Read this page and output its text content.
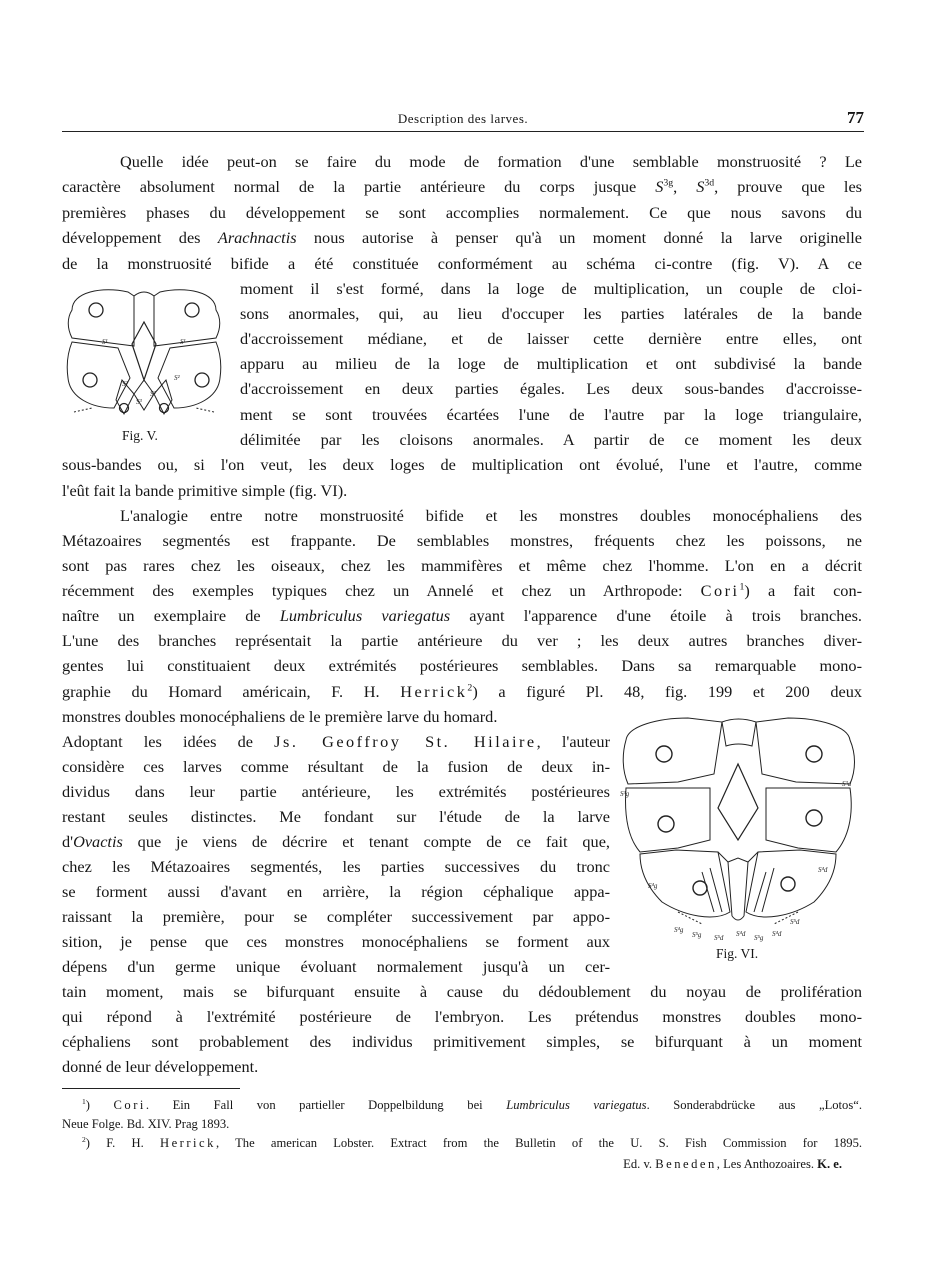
Description des larves.	77
Quelle idée peut-on se faire du mode de formation d'une semblable monstruosité ? Le
caractère absolument normal de la partie antérieure du corps jusque $S^{3g}$, $S^{3d}$, prouve que les
premières phases du développement se sont accomplies normalement. Ce que nous savons du
développement des Arachnactis nous autorise à penser qu'à un moment donné la larve originelle
de la monstruosité bifide a été constituée conformément au schéma ci-contre (fig. V). A ce
moment il s'est formé, dans la loge de multiplication, un couple de cloi-
sons anormales, qui, au lieu d'occuper les parties latérales de la bande
d'accroissement médiane, et de laisser cette dernière entre elles, ont
apparu au milieu de la loge de multiplication et ont subdivisé la bande
d'accroissement en deux parties égales. Les deux sous-bandes d'accroisse-
ment se sont trouvées écartées l'une de l'autre par la loge triangulaire,
délimitée par les cloisons anormales. A partir de ce moment les deux
sous-bandes ou, si l'on veut, les deux loges de multiplication ont évolué, l'une et l'autre, comme
l'eût fait la bande primitive simple (fig. VI).
S¹	S¹
S²
S²
S³
S³
Fig. V.
L'analogie entre notre monstruosité bifide et les monstres doubles monocéphaliens des
Métazoaires segmentés est frappante. De semblables monstres, fréquents chez les poissons, ne
sont pas rares chez les oiseaux, chez les mammifères et même chez l'homme. L'on en a décrit
récemment des exemples typiques chez un Annelé et chez un Arthropode: Cori$^1$) a fait con-
naître un exemplaire de Lumbriculus variegatus ayant l'apparence d'une étoile à trois branches.
L'une des branches représentait la partie antérieure du ver ; les deux autres branches diver-
gentes lui constituaient deux extrémités postérieures semblables. Dans sa remarquable mono-
graphie du Homard américain, F. H. Herrick$^2$) a figuré Pl. 48, fig. 199 et 200 deux
monstres doubles monocéphaliens de le première larve du homard.
Adoptant les idées de Js. Geoffroy St. Hilaire, l'auteur
considère ces larves comme résultant de la fusion de deux in-
dividus dans leur partie antérieure, les extrémités postérieures
restant seules distinctes. Me fondant sur l'étude de la larve
d'Ovactis que je viens de décrire et tenant compte de ce fait que,
chez les Métazoaires segmentés, les parties successives du tronc
se forment aussi d'avant en arrière, la région céphalique appa-
raissant la première, pour se compléter successivement par appo-
sition, je pense que ces monstres monocéphaliens se forment aux
dépens d'un germe unique évoluant normalement jusqu'à un cer-
tain moment, mais se bifurquant ensuite à cause du dédoublement du noyau de prolifération
qui répond à l'extrémité postérieure de l'embryon. Les prétendus monstres doubles mono-
céphaliens sont probablement des individus primitivement simples, se bifurquant à un moment
donné de leur développement.
S³g
S³d
S⁴d
S⁴g
S⁵d
S⁴g
S⁵g S⁵d S⁴d S⁵g S⁴d
Fig. VI.
$^1$) Cori. Ein Fall von partieller Doppelbildung bei Lumbriculus variegatus. Sonderabdrücke aus „Lotos“.
Neue Folge. Bd. XIV. Prag 1893.
$^2$) F. H. Herrick, The american Lobster. Extract from the Bulletin of the U. S. Fish Commission for 1895.
Ed. v. Beneden, Les Anthozoaires. K. e.
